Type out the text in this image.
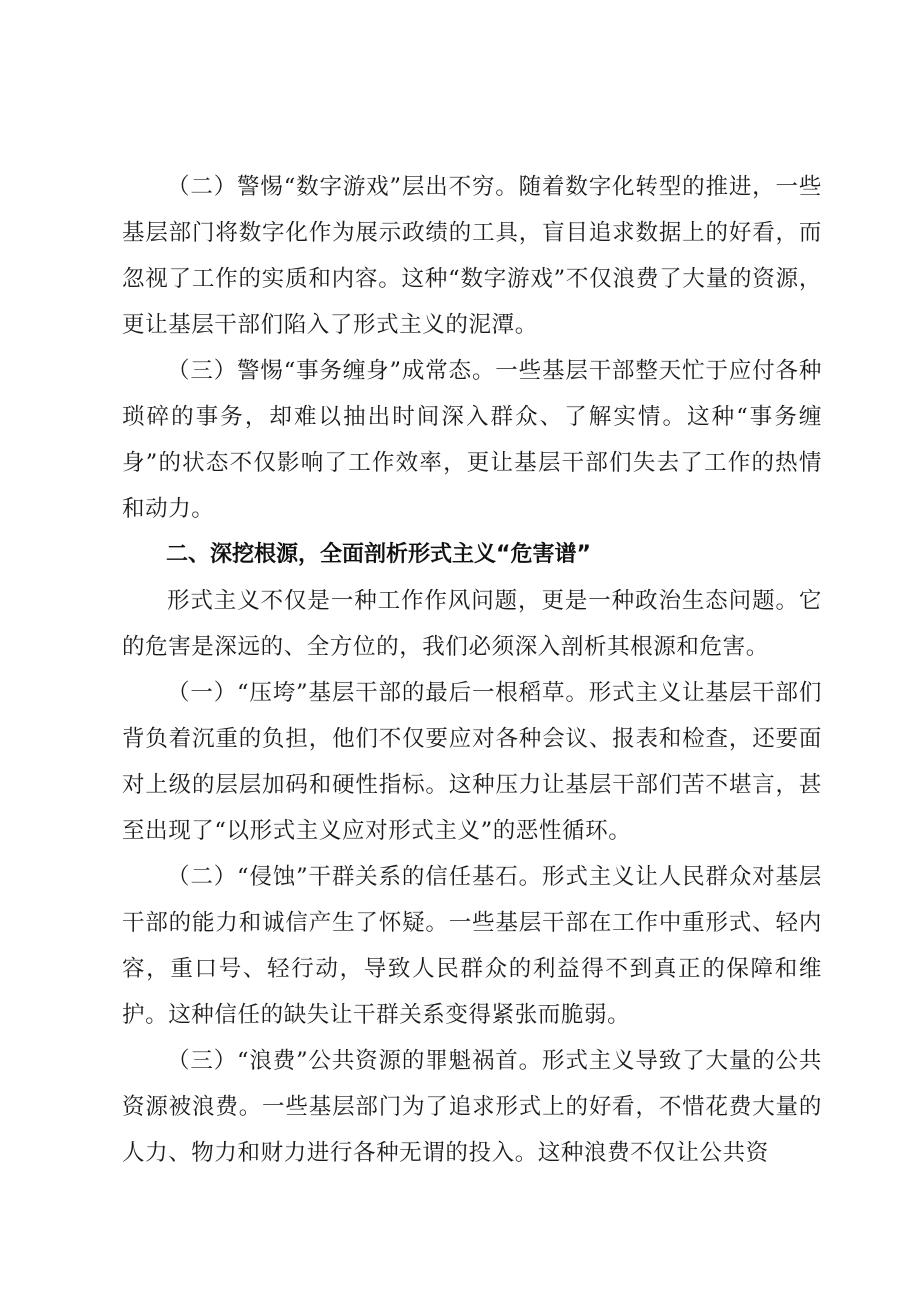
（二）警惕“数字游戏”层出不穷。随着数字化转型的推进，一些基层部门将数字化作为展示政绩的工具，盲目追求数据上的好看，而忽视了工作的实质和内容。这种“数字游戏”不仅浪费了大量的资源，更让基层干部们陷入了形式主义的泥潭。

（三）警惕“事务缠身”成常态。一些基层干部整天忙于应付各种琐碎的事务，却难以抽出时间深入群众、了解实情。这种“事务缠身”的状态不仅影响了工作效率，更让基层干部们失去了工作的热情和动力。

二、深挖根源，全面剖析形式主义“危害谱”

形式主义不仅是一种工作作风问题，更是一种政治生态问题。它的危害是深远的、全方位的，我们必须深入剖析其根源和危害。

（一）“压垮”基层干部的最后一根稻草。形式主义让基层干部们背负着沉重的负担，他们不仅要应对各种会议、报表和检查，还要面对上级的层层加码和硬性指标。这种压力让基层干部们苦不堪言，甚至出现了“以形式主义应对形式主义”的恶性循环。

（二）“侵蚀”干群关系的信任基石。形式主义让人民群众对基层干部的能力和诚信产生了怀疑。一些基层干部在工作中重形式、轻内容，重口号、轻行动，导致人民群众的利益得不到真正的保障和维护。这种信任的缺失让干群关系变得紧张而脆弱。

（三）“浪费”公共资源的罪魁祸首。形式主义导致了大量的公共资源被浪费。一些基层部门为了追求形式上的好看，不惜花费大量的人力、物力和财力进行各种无谓的投入。这种浪费不仅让公共资
